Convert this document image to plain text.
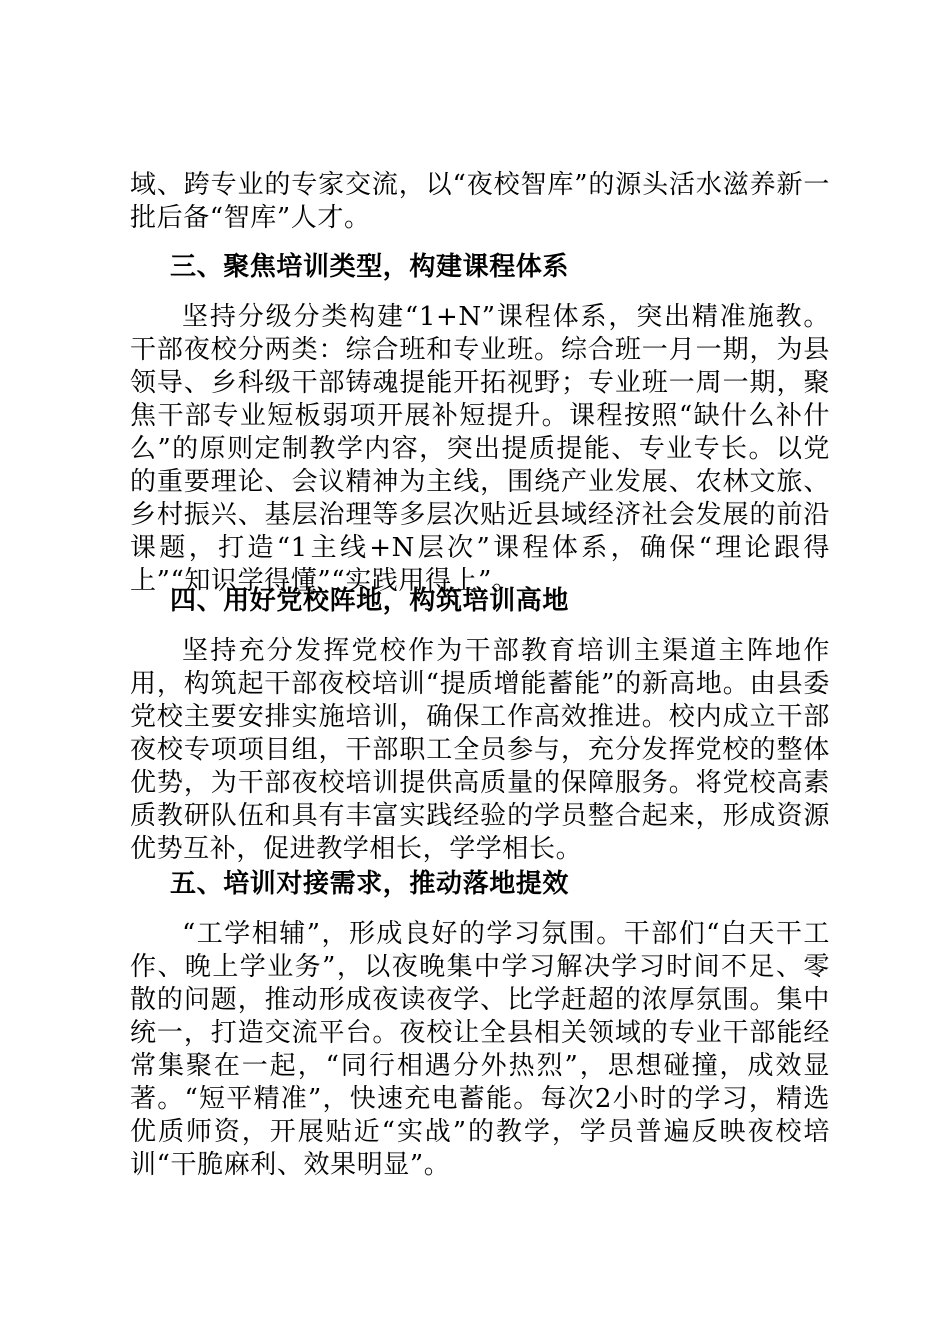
域、跨专业的专家交流，以“夜校智库”的源头活水滋养新一批后备“智库”人才。

三、聚焦培训类型，构建课程体系

坚持分级分类构建“1+N”课程体系，突出精准施教。干部夜校分两类：综合班和专业班。综合班一月一期，为县领导、乡科级干部铸魂提能开拓视野；专业班一周一期，聚焦干部专业短板弱项开展补短提升。课程按照“缺什么补什么”的原则定制教学内容，突出提质提能、专业专长。以党的重要理论、会议精神为主线，围绕产业发展、农林文旅、乡村振兴、基层治理等多层次贴近县域经济社会发展的前沿课题，打造“1主线+N层次”课程体系，确保“理论跟得上”“知识学得懂”“实践用得上”。

四、用好党校阵地，构筑培训高地

坚持充分发挥党校作为干部教育培训主渠道主阵地作用，构筑起干部夜校培训“提质增能蓄能”的新高地。由县委党校主要安排实施培训，确保工作高效推进。校内成立干部夜校专项项目组，干部职工全员参与，充分发挥党校的整体优势，为干部夜校培训提供高质量的保障服务。将党校高素质教研队伍和具有丰富实践经验的学员整合起来，形成资源优势互补，促进教学相长，学学相长。

五、培训对接需求，推动落地提效

“工学相辅”，形成良好的学习氛围。干部们“白天干工作、晚上学业务”，以夜晚集中学习解决学习时间不足、零散的问题，推动形成夜读夜学、比学赶超的浓厚氛围。集中统一，打造交流平台。夜校让全县相关领域的专业干部能经常集聚在一起，“同行相遇分外热烈”，思想碰撞，成效显著。“短平精准”，快速充电蓄能。每次2小时的学习，精选优质师资，开展贴近“实战”的教学，学员普遍反映夜校培训“干脆麻利、效果明显”。
